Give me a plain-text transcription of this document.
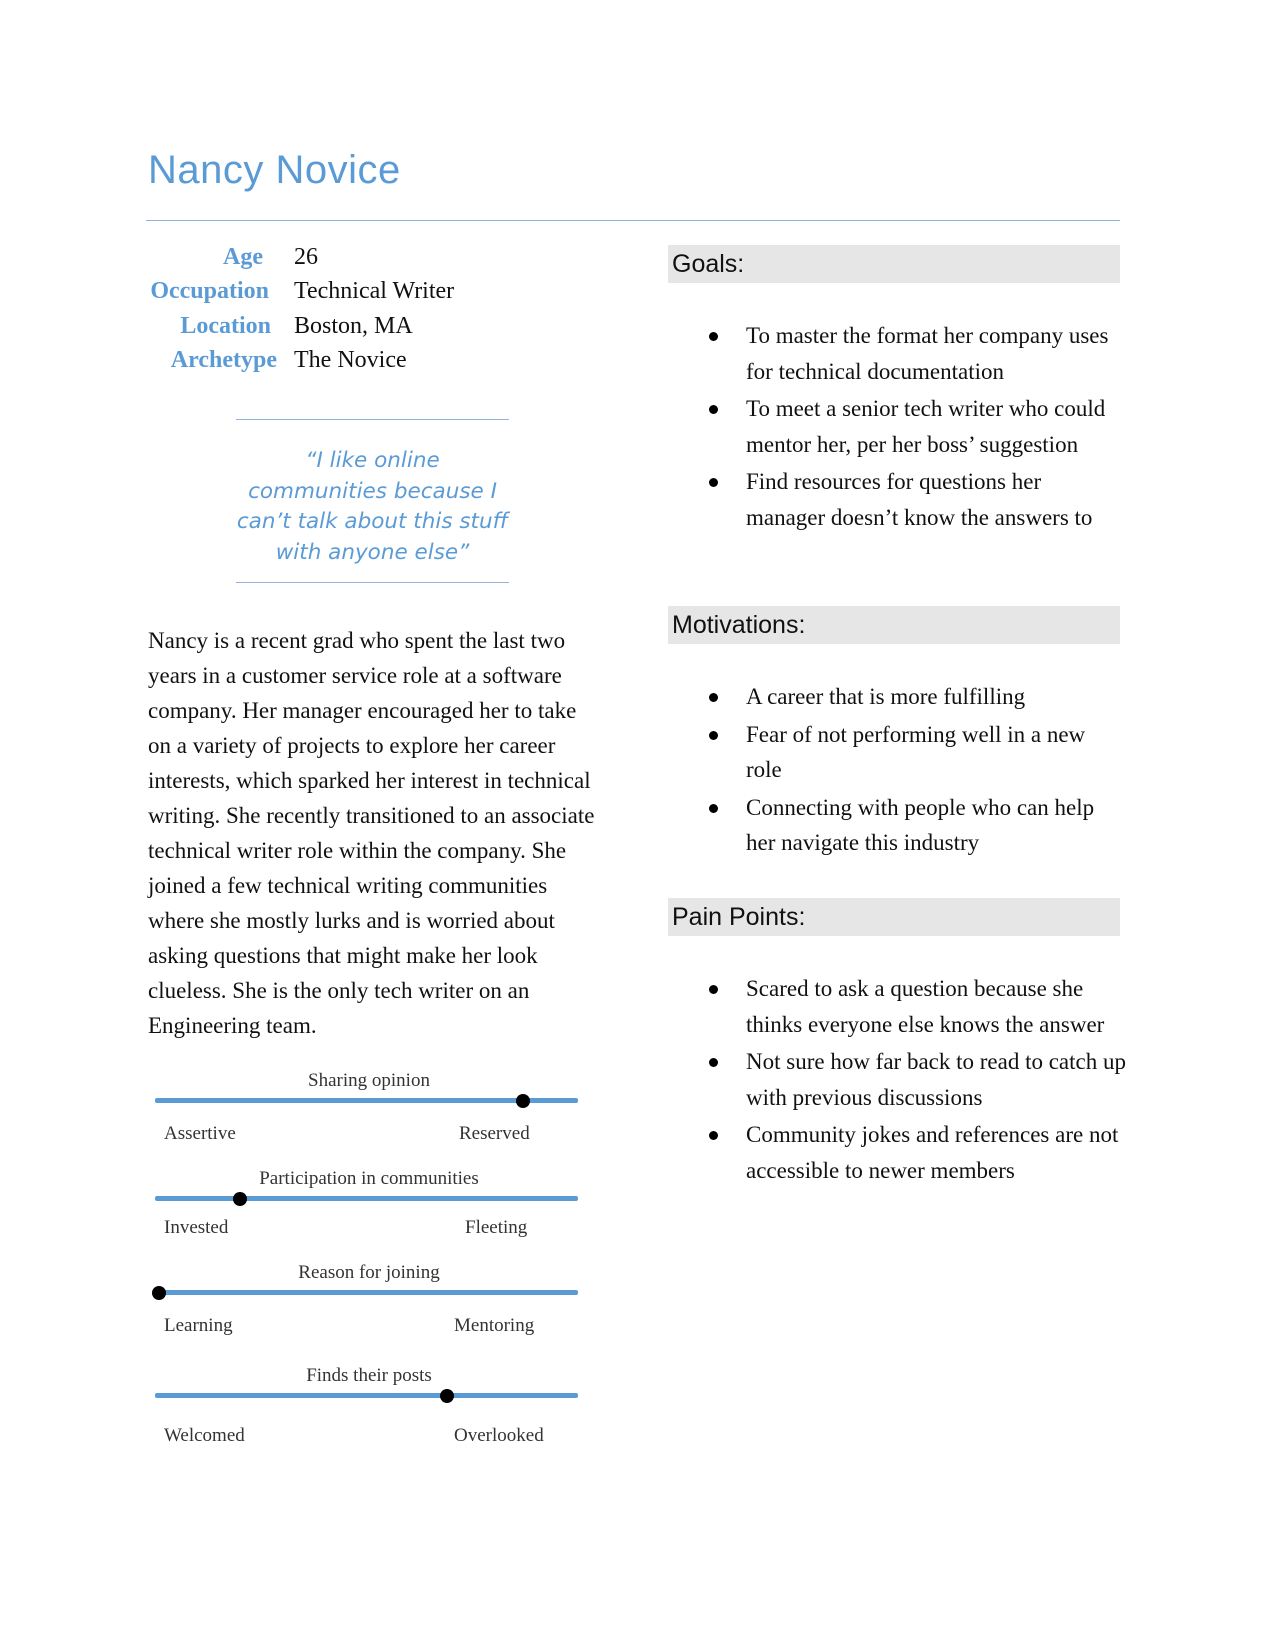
Nancy Novice
Age 26
Occupation Technical Writer
Location Boston, MA
Archetype The Novice
“I like online communities because I can’t talk about this stuff with anyone else”
Nancy is a recent grad who spent the last two years in a customer service role at a software company. Her manager encouraged her to take on a variety of projects to explore her career interests, which sparked her interest in technical writing. She recently transitioned to an associate technical writer role within the company. She joined a few technical writing communities where she mostly lurks and is worried about asking questions that might make her look clueless. She is the only tech writer on an Engineering team.
Sharing opinion
Assertive	Reserved
Participation in communities
Invested	Fleeting
Reason for joining
Learning	Mentoring
Finds their posts
Welcomed	Overlooked
Goals:
To master the format her company uses for technical documentation
To meet a senior tech writer who could mentor her, per her boss’ suggestion
Find resources for questions her manager doesn’t know the answers to
Motivations:
A career that is more fulfilling
Fear of not performing well in a new role
Connecting with people who can help her navigate this industry
Pain Points:
Scared to ask a question because she thinks everyone else knows the answer
Not sure how far back to read to catch up with previous discussions
Community jokes and references are not accessible to newer members
